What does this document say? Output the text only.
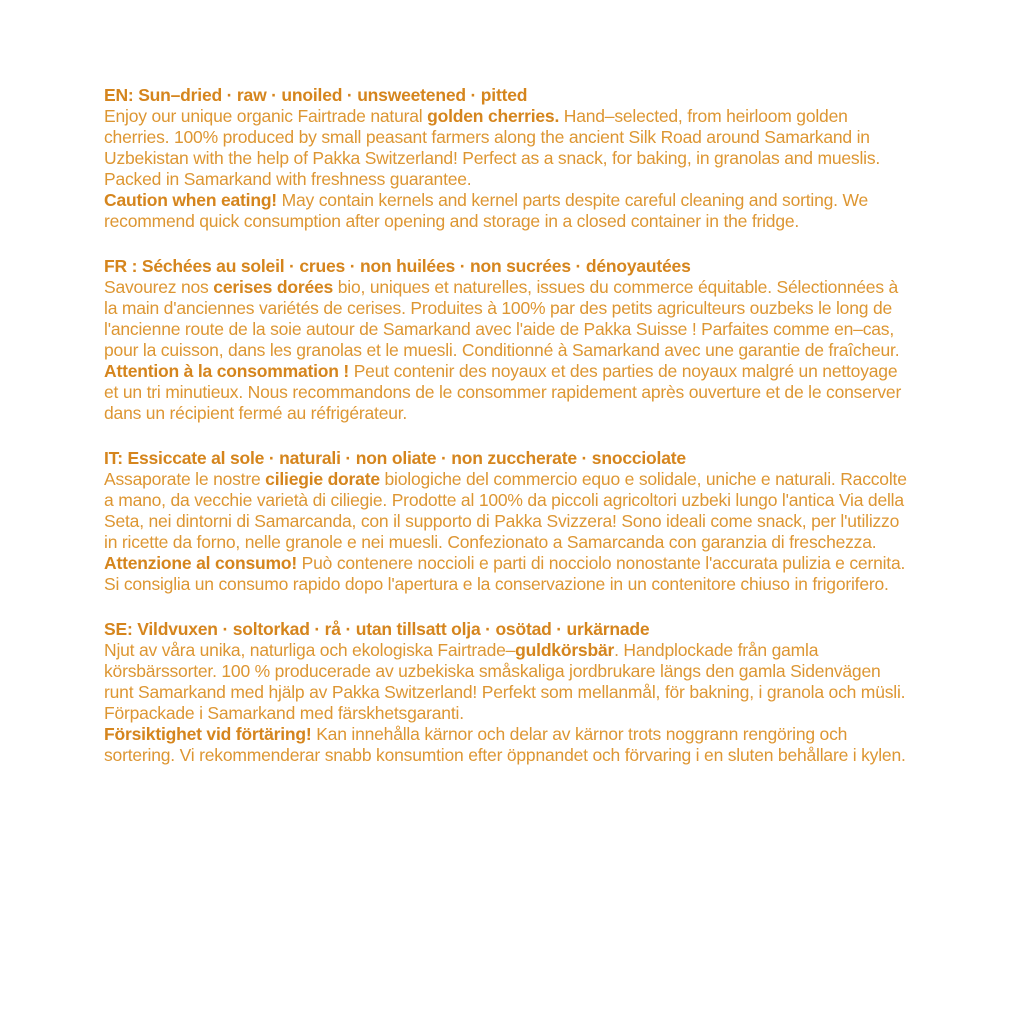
EN: Sun–dried · raw · unoiled · unsweetened · pitted

Enjoy our unique organic Fairtrade natural golden cherries. Hand–selected, from heirloom golden cherries. 100% produced by small peasant farmers along the ancient Silk Road around Samarkand in Uzbekistan with the help of Pakka Switzerland! Perfect as a snack, for baking, in granolas and mueslis. Packed in Samarkand with freshness guarantee.

Caution when eating! May contain kernels and kernel parts despite careful cleaning and sorting. We recommend quick consumption after opening and storage in a closed container in the fridge.

FR : Séchées au soleil · crues · non huilées · non sucrées · dénoyautées

Savourez nos cerises dorées bio, uniques et naturelles, issues du commerce équitable. Sélectionnées à la main d'anciennes variétés de cerises. Produites à 100% par des petits agriculteurs ouzbeks le long de l'ancienne route de la soie autour de Samarkand avec l'aide de Pakka Suisse ! Parfaites comme en–cas, pour la cuisson, dans les granolas et le muesli. Conditionné à Samarkand avec une garantie de fraîcheur.

Attention à la consommation ! Peut contenir des noyaux et des parties de noyaux malgré un nettoyage et un tri minutieux. Nous recommandons de le consommer rapidement après ouverture et de le conserver dans un récipient fermé au réfrigérateur.

IT: Essiccate al sole · naturali · non oliate · non zuccherate · snocciolate

Assaporate le nostre ciliegie dorate biologiche del commercio equo e solidale, uniche e naturali. Raccolte a mano, da vecchie varietà di ciliegie. Prodotte al 100% da piccoli agricoltori uzbeki lungo l'antica Via della Seta, nei dintorni di Samarcanda, con il supporto di Pakka Svizzera! Sono ideali come snack, per l'utilizzo in ricette da forno, nelle granole e nei muesli. Confezionato a Samarcanda con garanzia di freschezza.

Attenzione al consumo! Può contenere noccioli e parti di nocciolo nonostante l'accurata pulizia e cernita. Si consiglia un consumo rapido dopo l'apertura e la conservazione in un contenitore chiuso in frigorifero.

SE: Vildvuxen · soltorkad · rå · utan tillsatt olja · osötad · urkärnade

Njut av våra unika, naturliga och ekologiska Fairtrade–guldkörsbär. Handplockade från gamla körsbärssorter. 100 % producerade av uzbekiska småskaliga jordbrukare längs den gamla Sidenvägen runt Samarkand med hjälp av Pakka Switzerland! Perfekt som mellanmål, för bakning, i granola och müsli. Förpackade i Samarkand med färskhetsgaranti.

Försiktighet vid förtäring! Kan innehålla kärnor och delar av kärnor trots noggrann rengöring och sortering. Vi rekommenderar snabb konsumtion efter öppnandet och förvaring i en sluten behållare i kylen.
